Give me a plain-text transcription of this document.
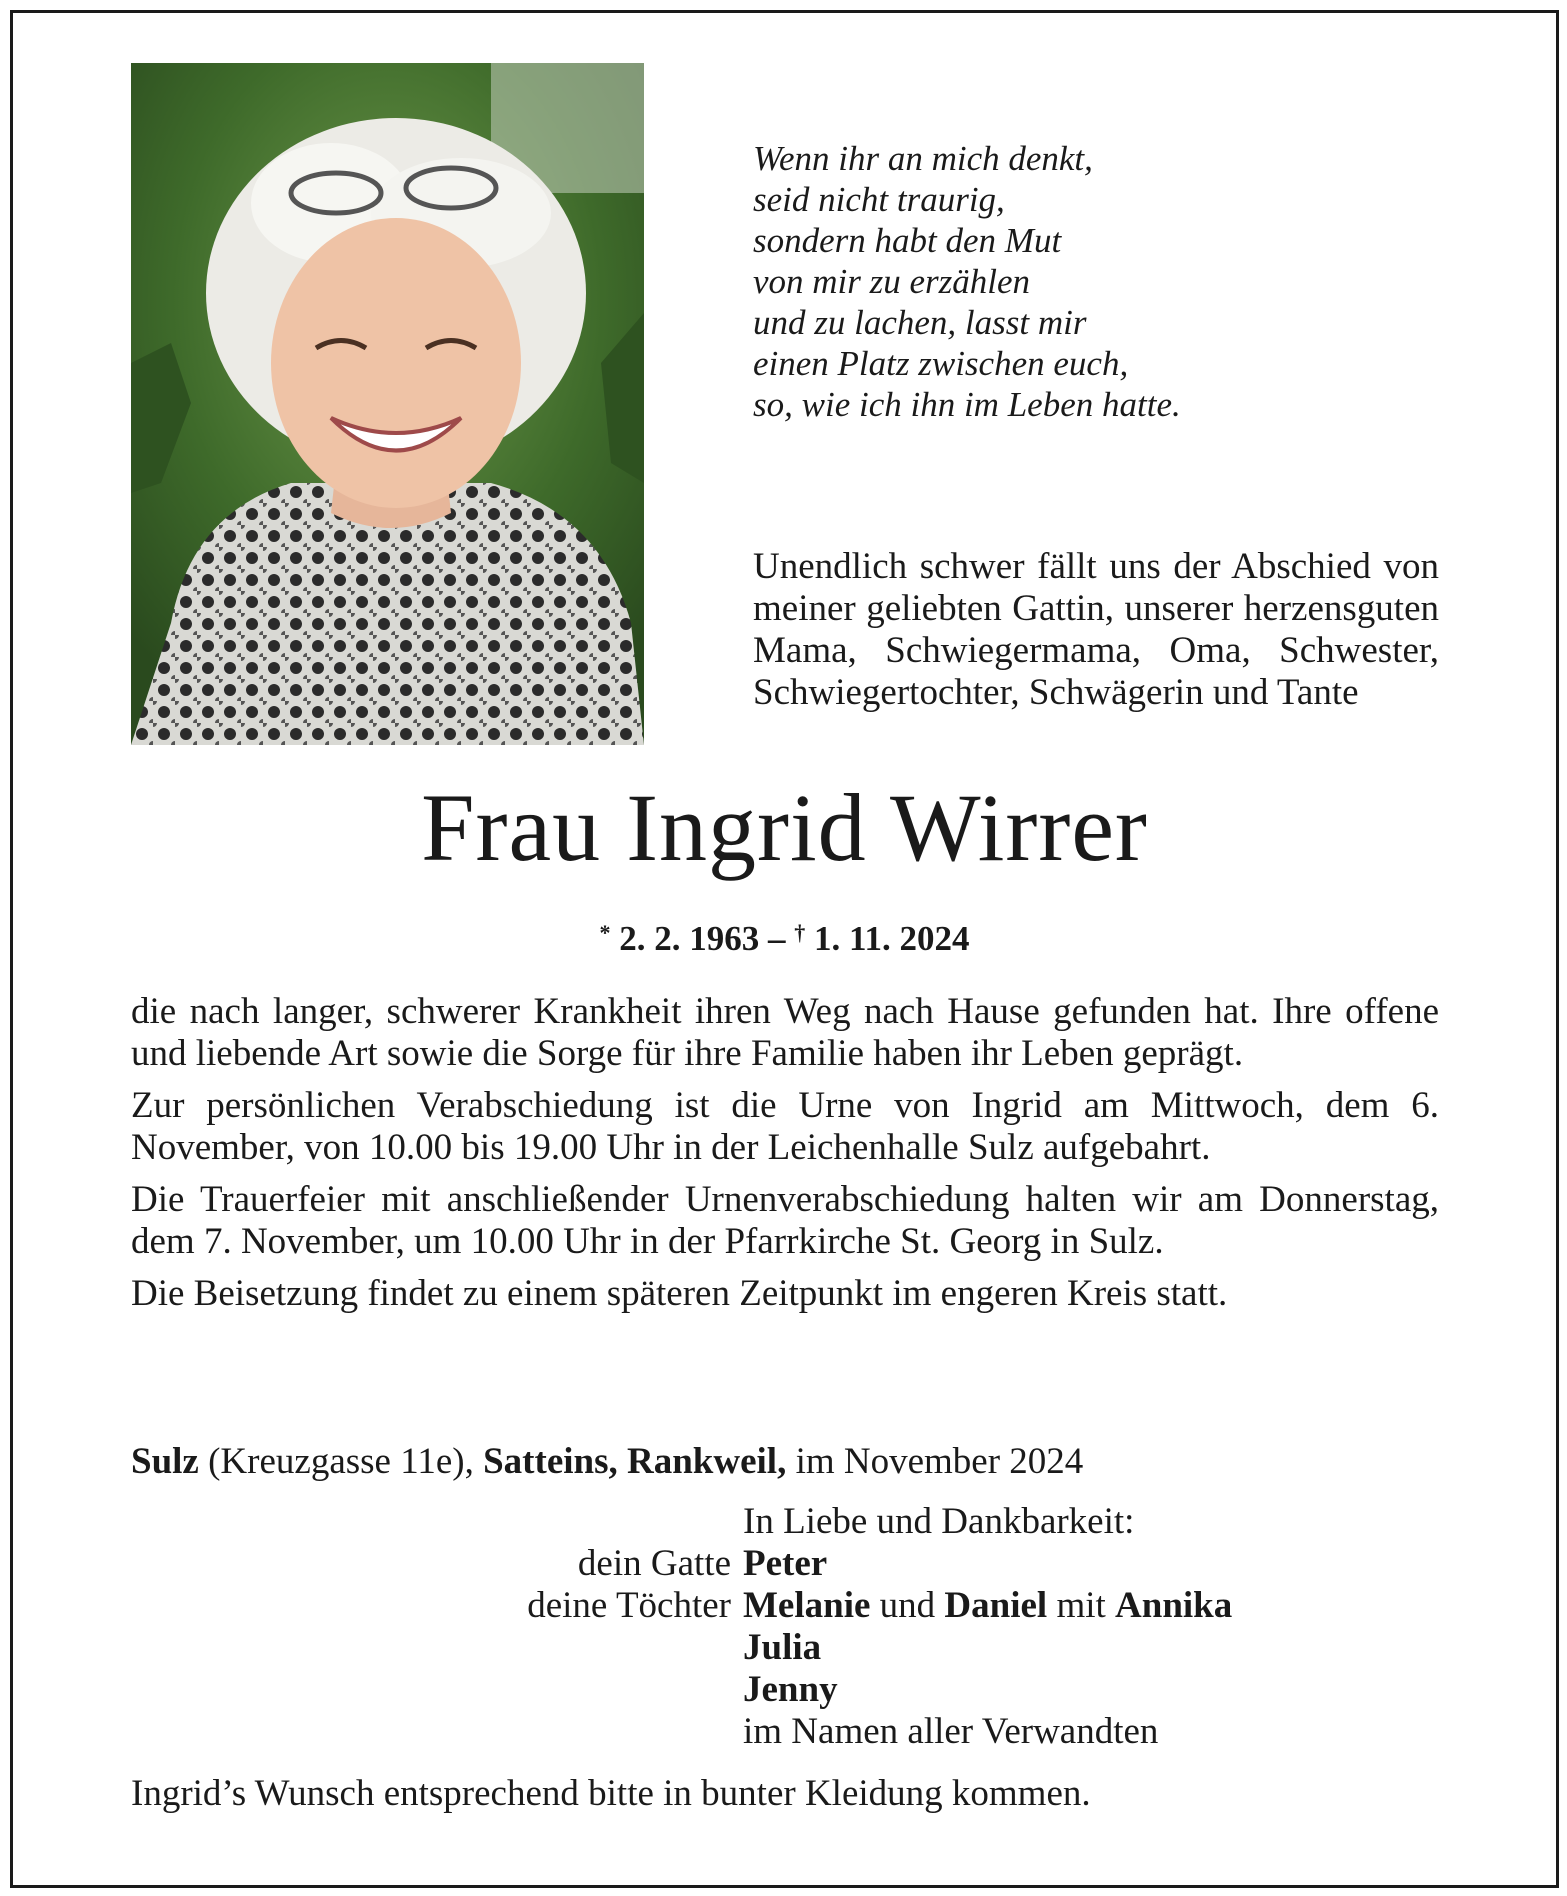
Wenn ihr an mich denkt,
seid nicht traurig,
sondern habt den Mut
von mir zu erzählen
und zu lachen, lasst mir
einen Platz zwischen euch,
so, wie ich ihn im Leben hatte.
Unendlich schwer fällt uns der Abschied von meiner geliebten Gattin, unserer herzensguten Mama, Schwiegermama, Oma, Schwester, Schwiegertochter, Schwägerin und Tante
Frau Ingrid Wirrer
* 2. 2. 1963 – † 1. 11. 2024

die nach langer, schwerer Krankheit ihren Weg nach Hause gefunden hat. Ihre offene und liebende Art sowie die Sorge für ihre Familie haben ihr Leben geprägt.

Zur persönlichen Verabschiedung ist die Urne von Ingrid am Mittwoch, dem 6. November, von 10.00 bis 19.00 Uhr in der Leichenhalle Sulz aufgebahrt.

Die Trauerfeier mit anschließender Urnenverabschiedung halten wir am Donnerstag, dem 7. November, um 10.00 Uhr in der Pfarrkirche St. Georg in Sulz.

Die Beisetzung findet zu einem späteren Zeitpunkt im engeren Kreis statt.

Sulz (Kreuzgasse 11e), Satteins, Rankweil, im November 2024
In Liebe und Dankbarkeit:
dein Gatte Peter
deine Töchter Melanie und Daniel mit Annika
Julia
Jenny
im Namen aller Verwandten
Ingrid’s Wunsch entsprechend bitte in bunter Kleidung kommen.
